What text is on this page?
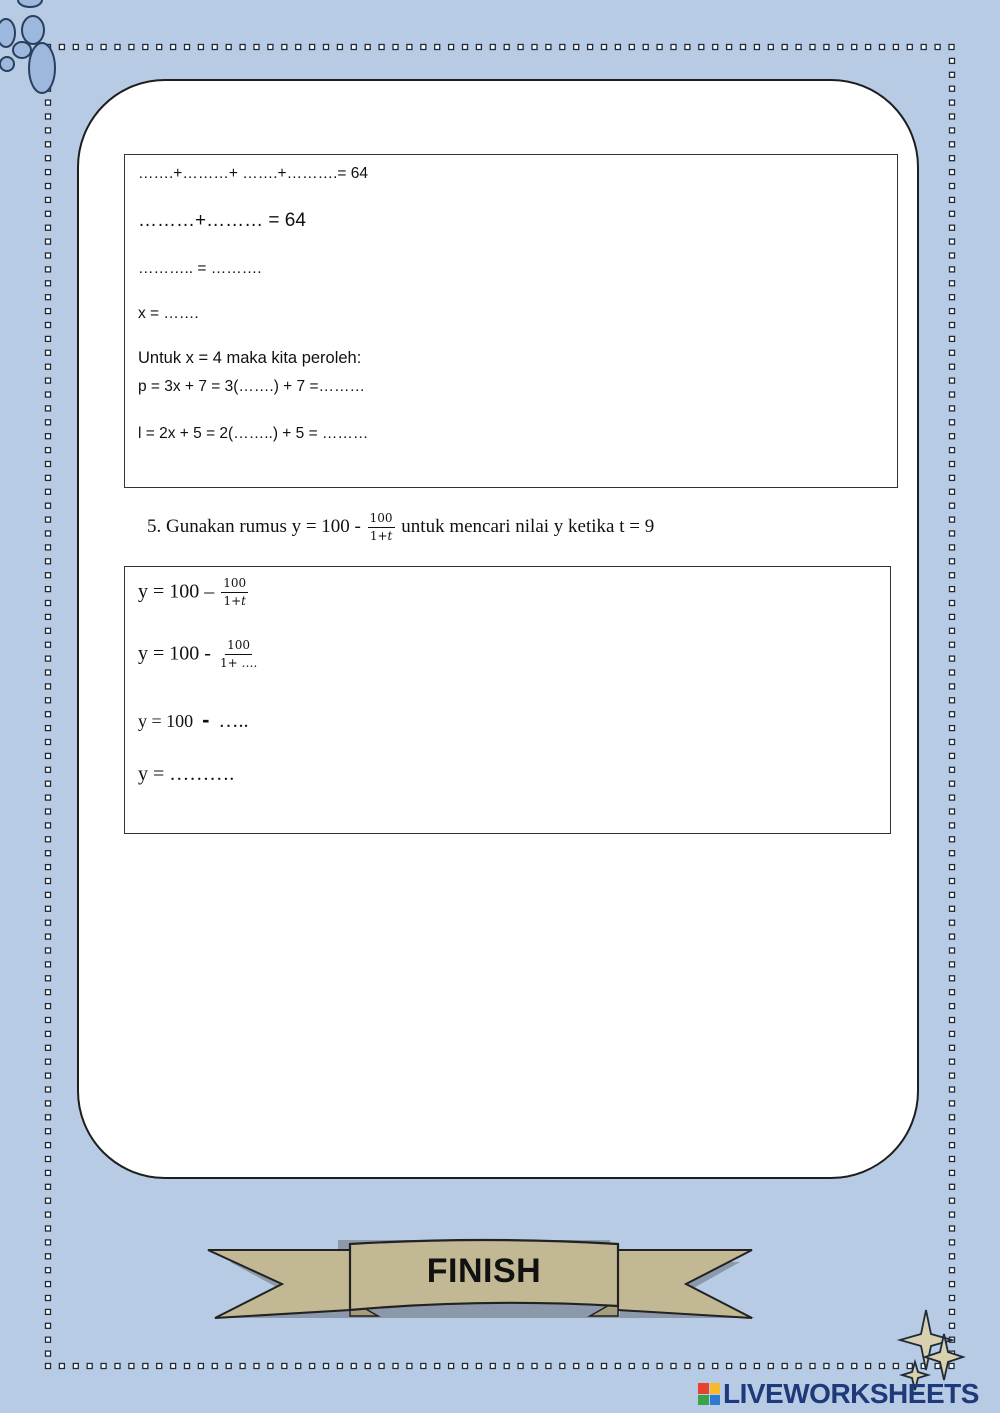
…….+………+ …….+……….= 64
………+……… = 64
……….. = ……….
x = …….
Untuk x = 4 maka kita peroleh:
p = 3x + 7 = 3(…….) + 7 =………
l = 2x + 5 = 2(……..) + 5 = ………
5. Gunakan rumus $y = 100 - \frac{100}{\text{1+𝑡}}$ untuk mencari nilai y ketika t = 9
$y = 100 - \frac{100}{\text{1+𝑡}}$
$y = 100 - \frac{100}{1+ \dots.}$
y = 100 - …..
y = ……….
FINISH
LIVEWORKSHEETS
